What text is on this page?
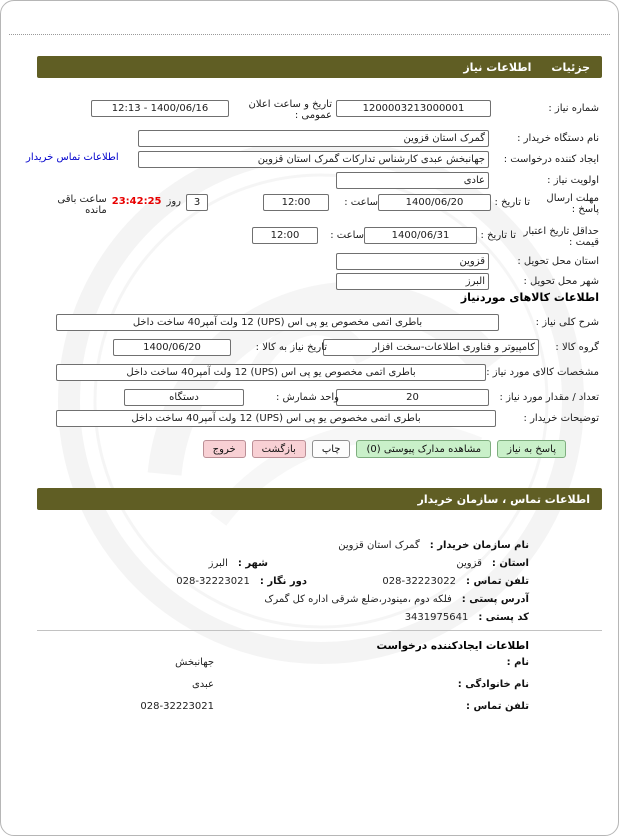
جزئیات
اطلاعات نیاز
شماره نیاز :
1200003213000001
تاریخ و ساعت اعلان عمومی :
1400/06/16 - 12:13
نام دستگاه خریدار :
گمرک استان قزوین
ایجاد کننده درخواست :
جهانبخش عبدی کارشناس تدارکات گمرک استان قزوین
اطلاعات تماس خریدار
اولویت نیاز :
عادی
مهلت ارسال پاسخ :
تا تاریخ :
1400/06/20
ساعت :
12:00
3
روز
23:42:25
ساعت باقی مانده
حداقل تاریخ اعتبار قیمت :
تا تاریخ :
1400/06/31
ساعت :
12:00
استان محل تحویل :
قزوین
شهر محل تحویل :
البرز
اطلاعات کالاهای موردنیاز
شرح کلی نیاز :
باطری اتمی مخصوص یو پی اس (UPS) 12 ولت آمپر40 ساخت داخل
گروه کالا :
کامپیوتر و فناوری اطلاعات-سخت افزار
تاریخ نیاز به کالا :
1400/06/20
مشخصات کالای مورد نیاز :
باطری اتمی مخصوص یو پی اس (UPS) 12 ولت آمپر40 ساخت داخل
تعداد / مقدار مورد نیاز :
20
واحد شمارش :
دستگاه
توضیحات خریدار :
باطری اتمی مخصوص یو پی اس (UPS) 12 ولت آمپر40 ساخت داخل
پاسخ به نیاز
مشاهده مدارک پیوستی (0)
چاپ
بازگشت
خروج
اطلاعات تماس ، سازمان خریدار
نام سازمان خریدار :
گمرک استان قزوین
استان :
قزوین
شهر :
البرز
تلفن تماس :
028-32223022
دور نگار :
028-32223021
آدرس پستی :
فلکه دوم ،مینودر،ضلع شرقی اداره کل گمرک
کد پستی :
3431975641
اطلاعات ایجادکننده درخواست
نام :
جهانبخش
نام خانوادگی :
عبدی
تلفن تماس :
028-32223021
